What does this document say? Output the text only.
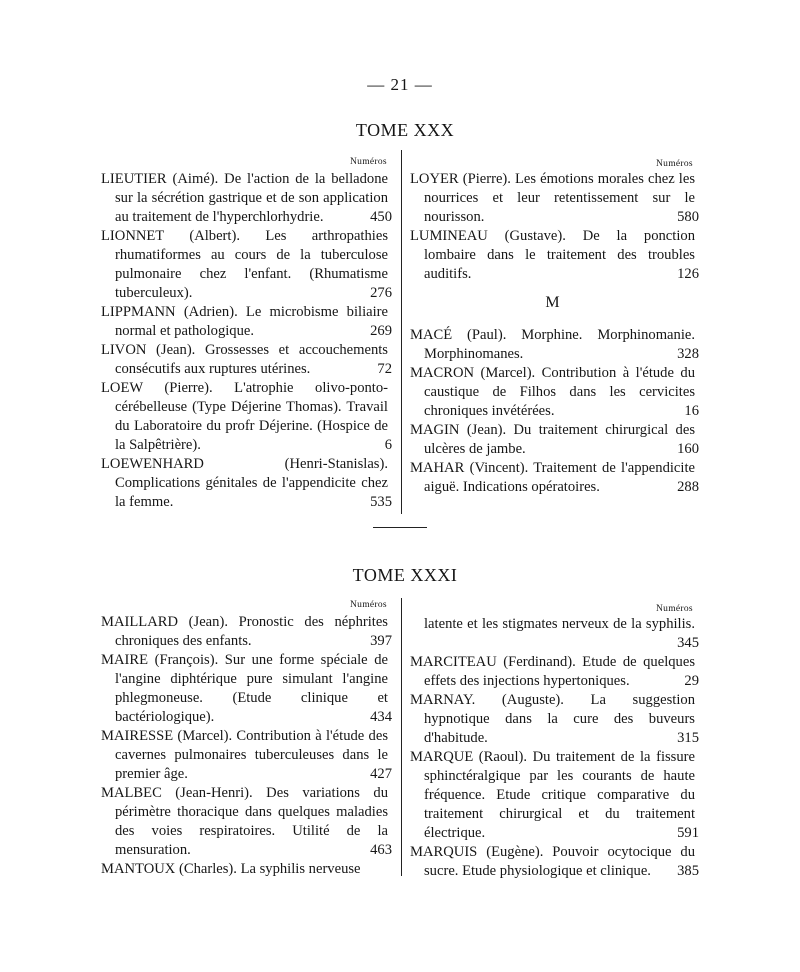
— 21 —
TOME XXX
Numéros	Numéros
LIEUTIER (Aimé). De l'action de la belladone sur la sécrétion gastrique et de son application au traitement de l'hyperchlorhydrie.	450
LIONNET (Albert). Les arthropathies rhumatiformes au cours de la tuberculose pulmonaire chez l'enfant. (Rhumatisme tuberculeux).	276
LIPPMANN (Adrien). Le microbisme biliaire normal et pathologique.	269
LIVON (Jean). Grossesses et accouchements consécutifs aux ruptures utérines.	72
LOEW (Pierre). L'atrophie olivo-ponto-cérébelleuse (Type Déjerine Thomas). Travail du Laboratoire du profr Déjerine. (Hospice de la Salpêtrière).	6
LOEWENHARD (Henri-Stanislas). Complications génitales de l'appendicite chez la femme.	535
LOYER (Pierre). Les émotions morales chez les nourrices et leur retentissement sur le nourisson.	580
LUMINEAU (Gustave). De la ponction lombaire dans le traitement des troubles auditifs.	126
M
MACÉ (Paul). Morphine. Morphinomanie. Morphinomanes.	328
MACRON (Marcel). Contribution à l'étude du caustique de Filhos dans les cervicites chroniques invétérées.	16
MAGIN (Jean). Du traitement chirurgical des ulcères de jambe.	160
MAHAR (Vincent). Traitement de l'appendicite aiguë. Indications opératoires.	288
TOME XXXI
Numéros	Numéros
MAILLARD (Jean). Pronostic des néphrites chroniques des enfants.	397
MAIRE (François). Sur une forme spéciale de l'angine diphtérique pure simulant l'angine phlegmoneuse. (Etude clinique et bactériologique).	434
MAIRESSE (Marcel). Contribution à l'étude des cavernes pulmonaires tuberculeuses dans le premier âge.	427
MALBEC (Jean-Henri). Des variations du périmètre thoracique dans quelques maladies des voies respiratoires. Utilité de la mensuration.	463
MANTOUX (Charles). La syphilis nerveuse
latente et les stigmates nerveux de la syphilis.
345
MARCITEAU (Ferdinand). Etude de quelques effets des injections hypertoniques.	29
MARNAY. (Auguste). La suggestion hypnotique dans la cure des buveurs d'habitude.	315
MARQUE (Raoul). Du traitement de la fissure sphinctéralgique par les courants de haute fréquence. Etude critique comparative du traitement chirurgical et du traitement électrique.	591
MARQUIS (Eugène). Pouvoir ocytocique du sucre. Etude physiologique et clinique.	385
